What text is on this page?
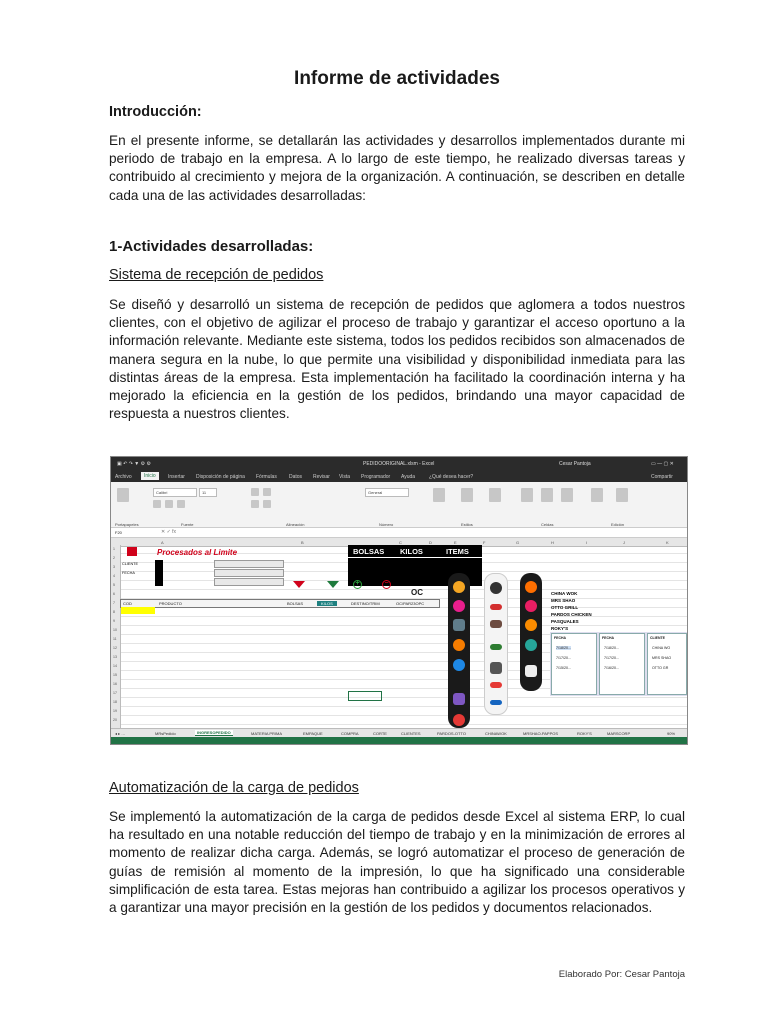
Informe de actividades
Introducción:

En el presente informe, se detallarán las actividades y desarrollos implementados durante mi periodo de trabajo en la empresa. A lo largo de este tiempo, he realizado diversas tareas y contribuido al crecimiento y mejora de la organización. A continuación, se describen en detalle cada una de las actividades desarrolladas:

1-Actividades desarrolladas:
Sistema de recepción de pedidos

Se diseñó y desarrolló un sistema de recepción de pedidos que aglomera a todos nuestros clientes, con el objetivo de agilizar el proceso de trabajo y garantizar el acceso oportuno a la información relevante. Mediante este sistema, todos los pedidos recibidos son almacenados de manera segura en la nube, lo que permite una visibilidad y disponibilidad inmediata para las distintas áreas de la empresa. Esta implementación ha facilitado la coordinación interna y ha mejorado la eficiencia en la gestión de los pedidos, brindando una mayor capacidad de respuesta a nuestros clientes.

Automatización de la carga de pedidos

Se implementó la automatización de la carga de pedidos desde Excel al sistema ERP, lo cual ha resultado en una notable reducción del tiempo de trabajo y en la minimización de errores al momento de realizar dicha carga. Además, se logró automatizar el proceso de generación de guías de remisión al momento de la impresión, lo que ha significado una considerable simplificación de esta tarea. Estas mejoras han contribuido a agilizar los procesos operativos y a garantizar una mayor precisión en la gestión de los pedidos y documentos relacionados.

▣ ↶ ↷ ▼ ⚙ ⚙	PEDIDOORIGINAL.xlsm - Excel	Cesar Pantoja	▭ — ▢ ✕
Archivo	Inicio	Insertar Disposición de página Fórmulas Datos Revisar Vista Programador Ayuda	¿Qué desea hacer?	Compartir
Calibri	11	General
Portapapeles	Fuente	Alineación	Número	Estilos	Celdas	Edición
F20	✕ ✓ fx
A	B	C	D	E	F	G	H	I	J	K
1
2
3
4
5
6
7
8
9
10
11
12
13
14
15
16
17
18
19
20
Procesados al Limite	BOLSAS KILOS	ITEMS
CLIENTE
FECHA
+	−
OC
COD	PRODUCTO	BOLSAS	KILOS	DESTINO/TRIM	OC/PAR23OPC
CHINA WOK
MRS SHAO
OTTO GRILL
PARDOS CHICKEN
PASQUALES
ROKY'S
FECHA
7/18/20...
7/17/20...
7/15/20...
FECHA
7/18/20...
7/17/20...
7/16/20...
CLIENTE
CHINA WO
MRS SHAO
OTTO GR
◂ ▸ …	MRsPedido	INGRESOPEDIDO	MATERIA PRIMA	EMPAQUE	COMPRA	CORTE	CLIENTES	PARDOS-OTTO	CHINAWOK	MRSHAO-PAPPOS	ROKY'S	MARSCORP	90%
Elaborado Por: Cesar Pantoja
